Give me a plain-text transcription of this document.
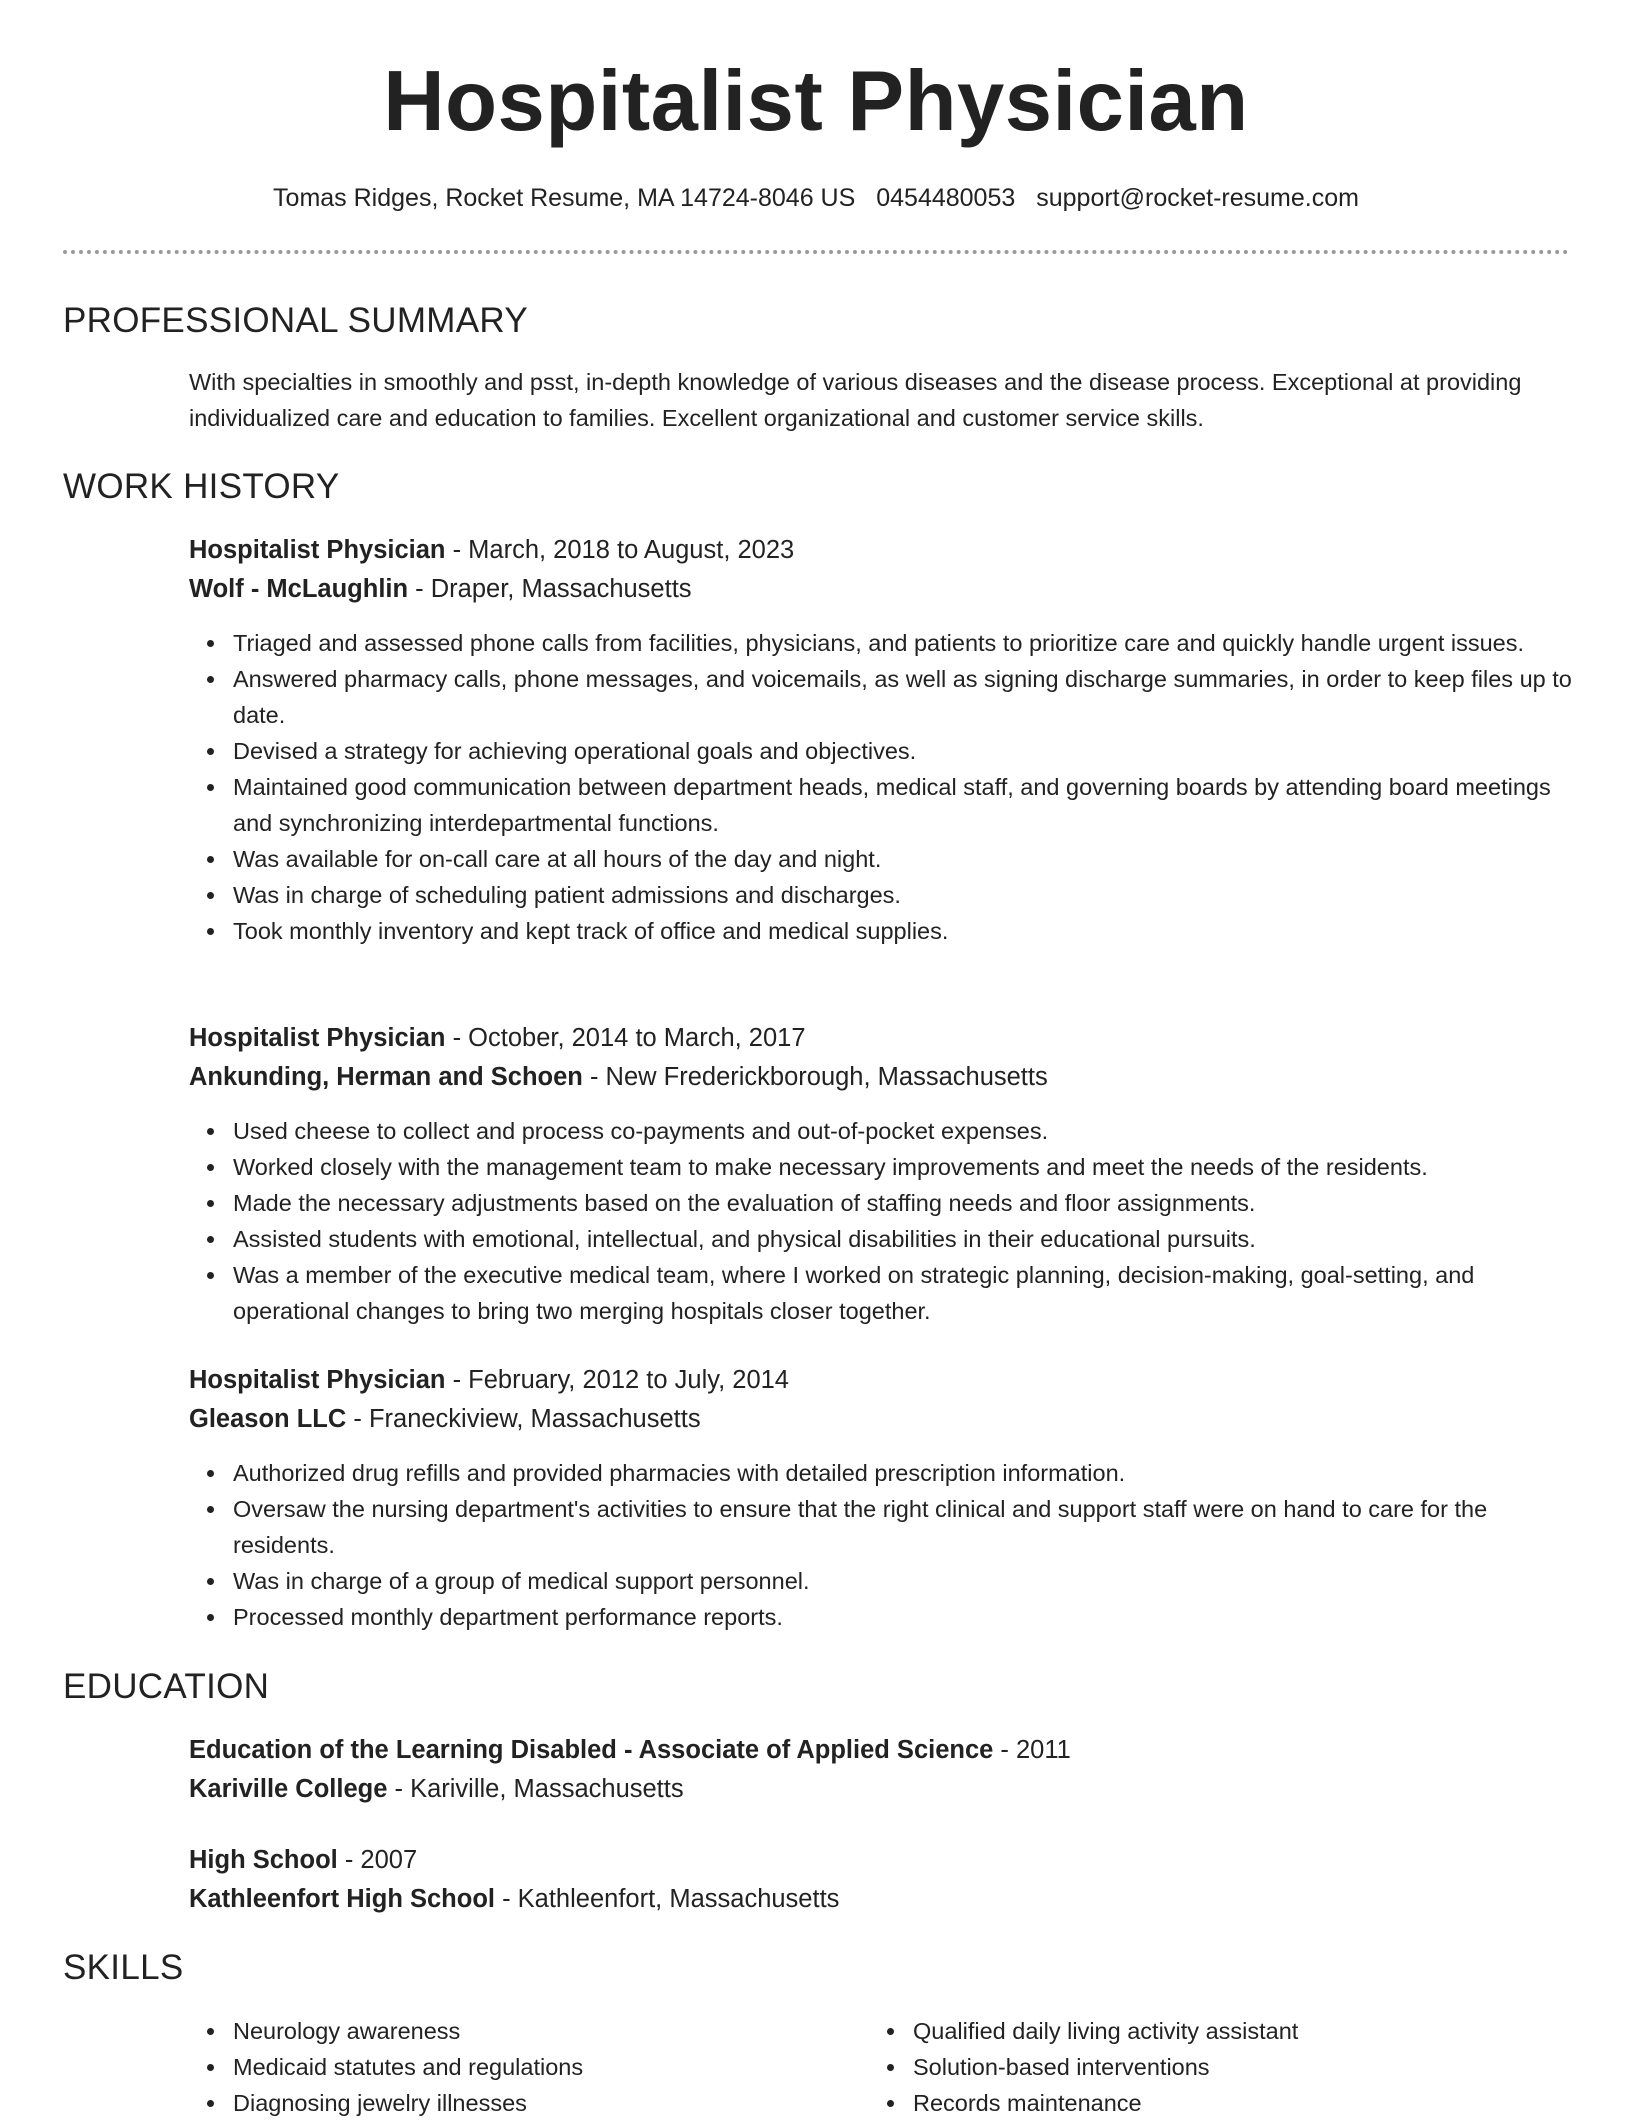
Hospitalist Physician
Tomas Ridges, Rocket Resume, MA 14724-8046 US 0454480053 support@rocket-resume.com
PROFESSIONAL SUMMARY
With specialties in smoothly and psst, in-depth knowledge of various diseases and the disease process. Exceptional at providing individualized care and education to families. Excellent organizational and customer service skills.
WORK HISTORY
Hospitalist Physician - March, 2018 to August, 2023
Wolf - McLaughlin - Draper, Massachusetts
Triaged and assessed phone calls from facilities, physicians, and patients to prioritize care and quickly handle urgent issues.
Answered pharmacy calls, phone messages, and voicemails, as well as signing discharge summaries, in order to keep files up to date.
Devised a strategy for achieving operational goals and objectives.
Maintained good communication between department heads, medical staff, and governing boards by attending board meetings and synchronizing interdepartmental functions.
Was available for on-call care at all hours of the day and night.
Was in charge of scheduling patient admissions and discharges.
Took monthly inventory and kept track of office and medical supplies.
Hospitalist Physician - October, 2014 to March, 2017
Ankunding, Herman and Schoen - New Frederickborough, Massachusetts
Used cheese to collect and process co-payments and out-of-pocket expenses.
Worked closely with the management team to make necessary improvements and meet the needs of the residents.
Made the necessary adjustments based on the evaluation of staffing needs and floor assignments.
Assisted students with emotional, intellectual, and physical disabilities in their educational pursuits.
Was a member of the executive medical team, where I worked on strategic planning, decision-making, goal-setting, and operational changes to bring two merging hospitals closer together.
Hospitalist Physician - February, 2012 to July, 2014
Gleason LLC - Franeckiview, Massachusetts
Authorized drug refills and provided pharmacies with detailed prescription information.
Oversaw the nursing department's activities to ensure that the right clinical and support staff were on hand to care for the residents.
Was in charge of a group of medical support personnel.
Processed monthly department performance reports.
EDUCATION
Education of the Learning Disabled - Associate of Applied Science - 2011
Kariville College - Kariville, Massachusetts
High School - 2007
Kathleenfort High School - Kathleenfort, Massachusetts
SKILLS
Neurology awareness
Medicaid statutes and regulations
Diagnosing jewelry illnesses
Qualified daily living activity assistant
Solution-based interventions
Records maintenance
